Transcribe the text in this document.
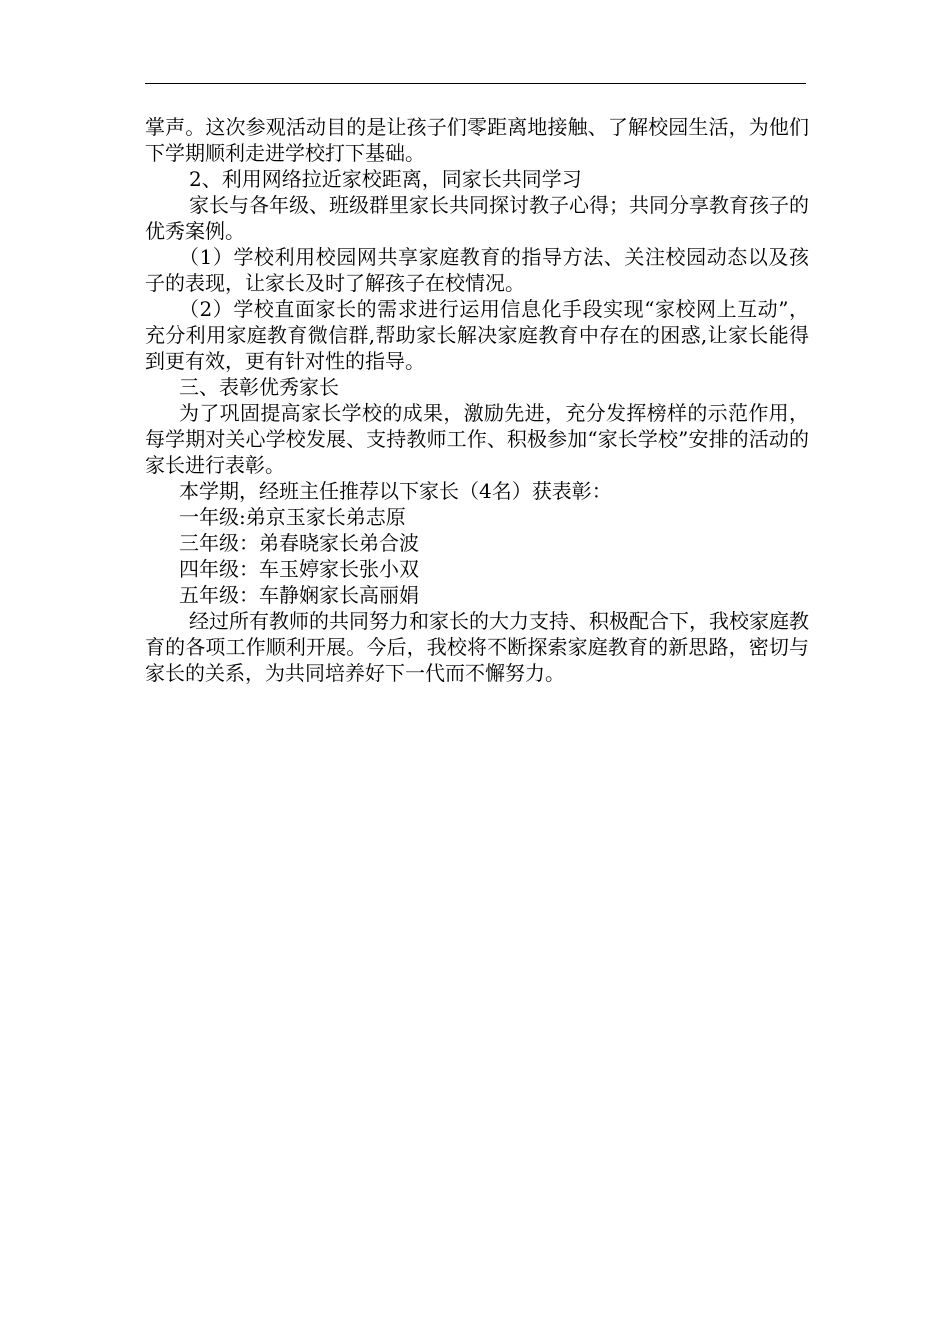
掌声。这次参观活动目的是让孩子们零距离地接触、了解校园生活，为他们下学期顺利走进学校打下基础。

2、利用网络拉近家校距离，同家长共同学习

家长与各年级、班级群里家长共同探讨教子心得；共同分享教育孩子的优秀案例。

（1）学校利用校园网共享家庭教育的指导方法、关注校园动态以及孩子的表现，让家长及时了解孩子在校情况。

（2）学校直面家长的需求进行运用信息化手段实现“家校网上互动”，充分利用家庭教育微信群,帮助家长解决家庭教育中存在的困惑,让家长能得到更有效，更有针对性的指导。

三、表彰优秀家长

为了巩固提高家长学校的成果，激励先进，充分发挥榜样的示范作用，每学期对关心学校发展、支持教师工作、积极参加“家长学校”安排的活动的家长进行表彰。

本学期，经班主任推荐以下家长（4名）获表彰：

一年级:弟京玉家长弟志原

三年级：弟春晓家长弟合波

四年级：车玉婷家长张小双

五年级：车静娴家长高丽娟

经过所有教师的共同努力和家长的大力支持、积极配合下，我校家庭教育的各项工作顺利开展。今后，我校将不断探索家庭教育的新思路，密切与家长的关系，为共同培养好下一代而不懈努力。
